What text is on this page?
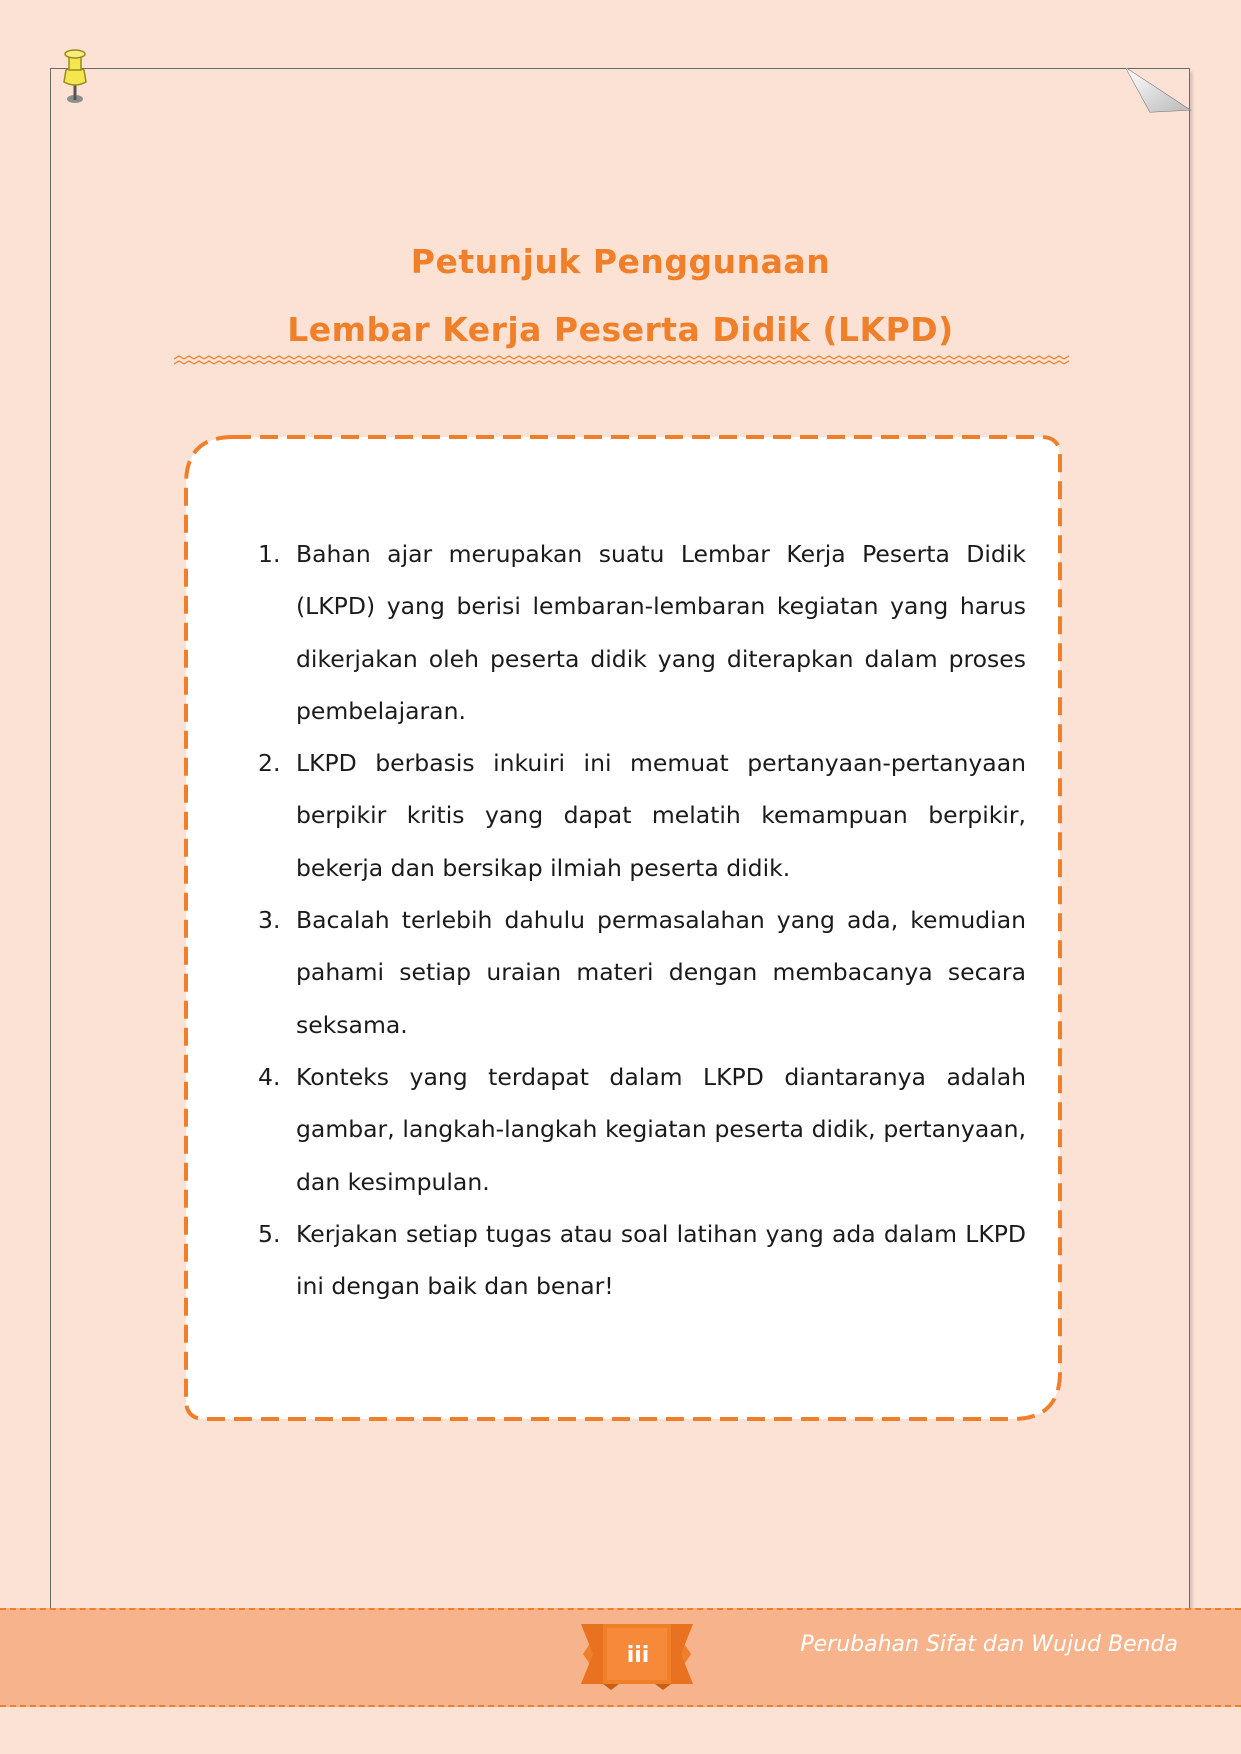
Petunjuk Penggunaan
Lembar Kerja Peserta Didik (LKPD)
1. Bahan ajar merupakan suatu Lembar Kerja Peserta Didik (LKPD) yang berisi lembaran-lembaran kegiatan yang harus dikerjakan oleh peserta didik yang diterapkan dalam proses pembelajaran.
2. LKPD berbasis inkuiri ini memuat pertanyaan-pertanyaan berpikir kritis yang dapat melatih kemampuan berpikir, bekerja dan bersikap ilmiah peserta didik.
3. Bacalah terlebih dahulu permasalahan yang ada, kemudian pahami setiap uraian materi dengan membacanya secara seksama.
4. Konteks yang terdapat dalam LKPD diantaranya adalah gambar, langkah-langkah kegiatan peserta didik, pertanyaan, dan kesimpulan.
5. Kerjakan setiap tugas atau soal latihan yang ada dalam LKPD ini dengan baik dan benar!
iii	Perubahan Sifat dan Wujud Benda
